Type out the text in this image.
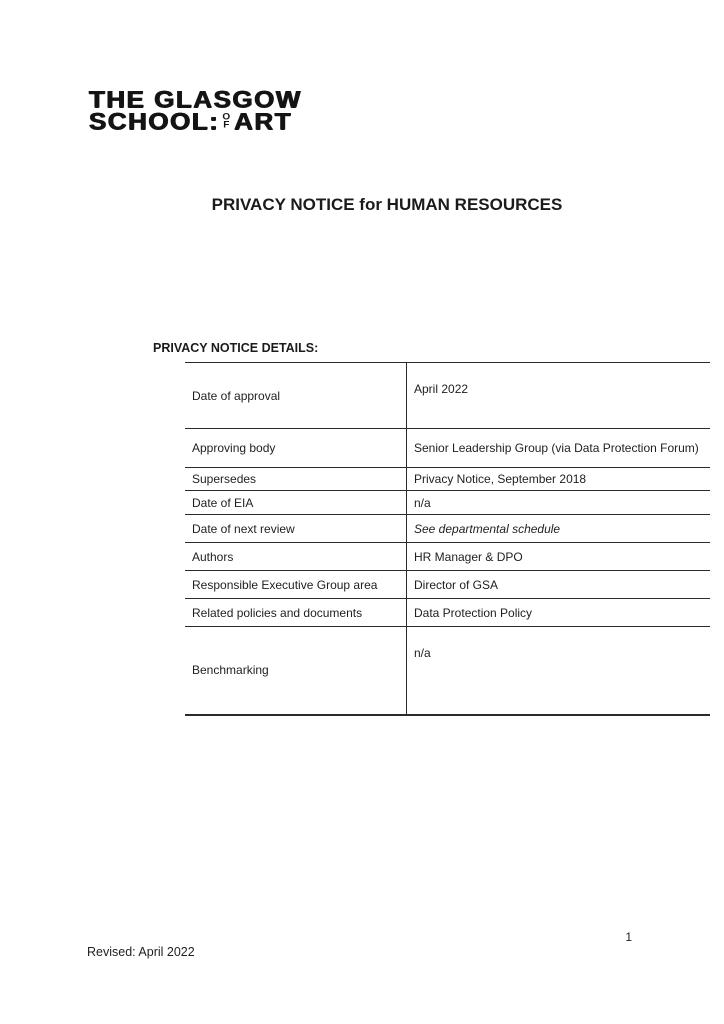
THE GLASGOW
SCHOOL: O
F ART
PRIVACY NOTICE for HUMAN RESOURCES
PRIVACY NOTICE DETAILS:
Date of approval	April 2022
Approving body	Senior Leadership Group (via Data Protection Forum)
Supersedes	Privacy Notice, September 2018
Date of EIA	n/a
Date of next review	See departmental schedule
Authors	HR Manager & DPO
Responsible Executive Group area	Director of GSA
Related policies and documents	Data Protection Policy
Benchmarking	n/a
1
Revised: April 2022
